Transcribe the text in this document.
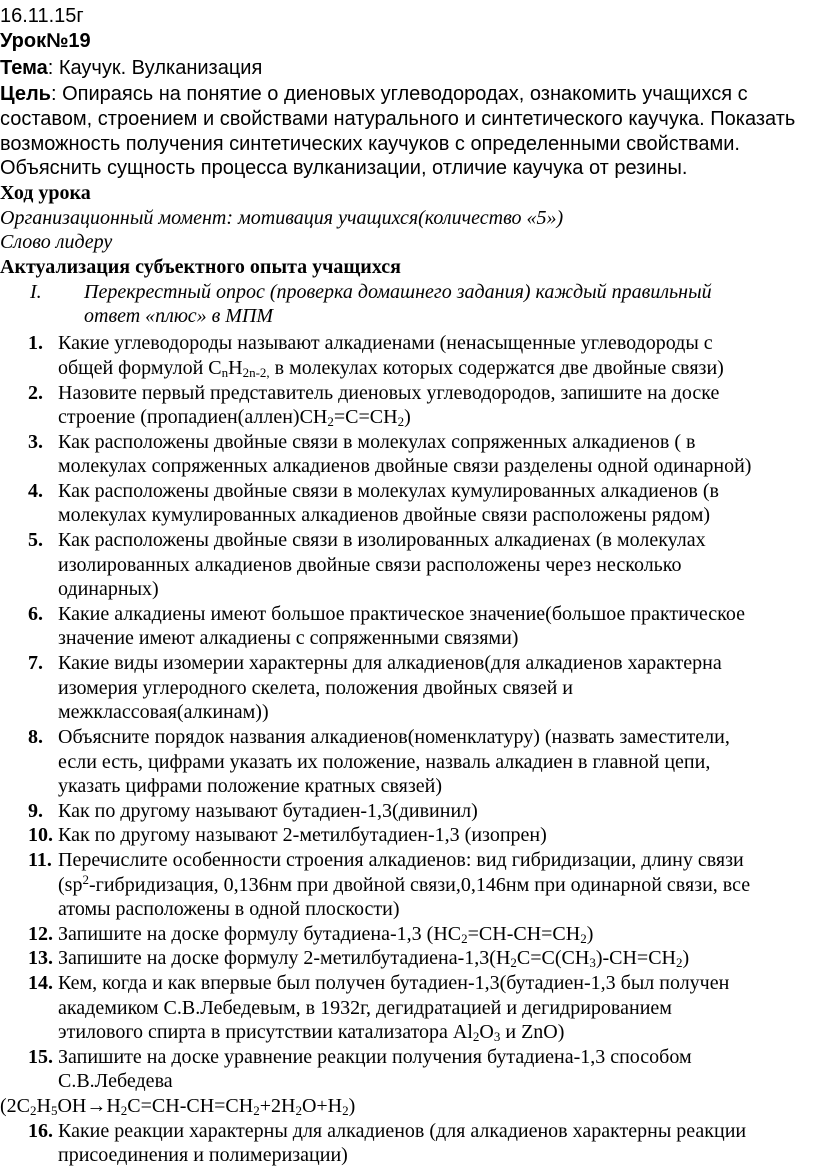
16.11.15г
Урок№19
Тема: Каучук. Вулканизация
Цель: Опираясь на понятие о диеновых углеводородах, ознакомить учащихся с
составом, строением и свойствами натурального и синтетического каучука. Показать
возможность получения синтетических каучуков с определенными свойствами.
Объяснить сущность процесса вулканизации, отличие каучука от резины.
Ход урока
Организационный момент: мотивация учащихся(количество «5»)
Слово лидеру
Актуализация субъектного опыта учащихся
I. Перекрестный опрос (проверка домашнего задания) каждый правильный
ответ «плюс» в МПМ
1. Какие углеводороды называют алкадиенами (ненасыщенные углеводороды с
общей формулой $С_nН_{2n-2,}$ в молекулах которых содержатся две двойные связи)
2. Назовите первый представитель диеновых углеводородов, запишите на доске
строение $(пропадиен(аллен)СН_2=С=СН_2)$
3. Как расположены двойные связи в молекулах сопряженных алкадиенов ( в
молекулах сопряженных алкадиенов двойные связи разделены одной одинарной)
4. Как расположены двойные связи в молекулах кумулированных алкадиенов (в
молекулах кумулированных алкадиенов двойные связи расположены рядом)
5. Как расположены двойные связи в изолированных алкадиенах (в молекулах
изолированных алкадиенов двойные связи расположены через несколько
одинарных)
6. Какие алкадиены имеют большое практическое значение(большое практическое
значение имеют алкадиены с сопряженными связями)
7. Какие виды изомерии характерны для алкадиенов(для алкадиенов характерна
изомерия углеродного скелета, положения двойных связей и
межклассовая(алкинам))
8. Объясните порядок названия алкадиенов(номенклатуру) (назвать заместители,
если есть, цифрами указать их положение, назваль алкадиен в главной цепи,
указать цифрами положение кратных связей)
9. Как по другому называют бутадиен-1,3(дивинил)
10. Как по другому называют 2-метилбутадиен-1,3 (изопрен)
11. Перечислите особенности строения алкадиенов: вид гибридизации, длину связи
($sp^2$-гибридизация, 0,136нм при двойной связи,0,146нм при одинарной связи, все
атомы расположены в одной плоскости)
12. Запишите на доске формулу бутадиена-1,3 $(НС_2=СН-СН=СН_2)$
13. Запишите на доске формулу $2-метилбутадиена-1,3(Н_2С=С(СН_3)-СН=СН_2)$
14. Кем, когда и как впервые был получен бутадиен-1,3(бутадиен-1,3 был получен
академиком С.В.Лебедевым, в 1932г, дегидратацией и дегидрированием
этилового спирта в присутствии катализатора $Al_2O_3$ и ZnO)
15. Запишите на доске уравнение реакции получения бутадиена-1,3 способом
С.В.Лебедева
$(2C_2H_5OH\to H_2C=CH-CH=CH_2+2H_2O+H_2)$
16. Какие реакции характерны для алкадиенов (для алкадиенов характерны реакции
присоединения и полимеризации)
